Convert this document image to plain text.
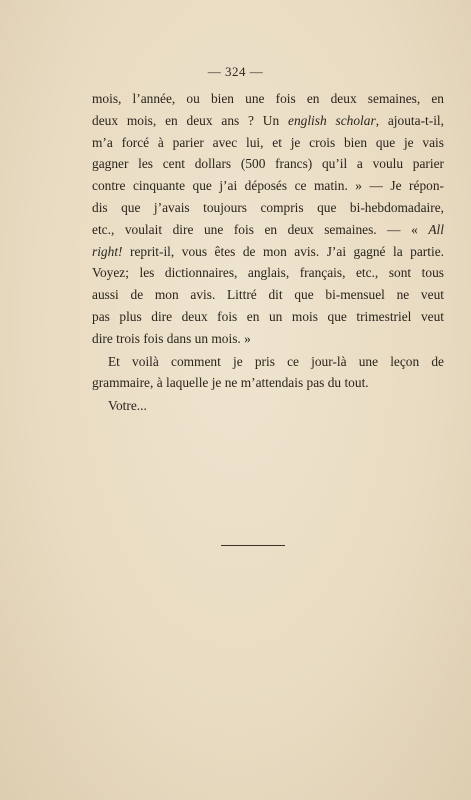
— 324 —
mois, l’année, ou bien une fois en deux semaines, en
deux mois, en deux ans ? Un english scholar, ajouta-t-il,
m’a forcé à parier avec lui, et je crois bien que je vais
gagner les cent dollars (500 francs) qu’il a voulu parier
contre cinquante que j’ai déposés ce matin. » — Je répon-
dis que j’avais toujours compris que bi-hebdomadaire,
etc., voulait dire une fois en deux semaines. — « All
right! reprit-il, vous êtes de mon avis. J’ai gagné la partie.
Voyez; les dictionnaires, anglais, français, etc., sont tous
aussi de mon avis. Littré dit que bi-mensuel ne veut
pas plus dire deux fois en un mois que trimestriel veut
dire trois fois dans un mois. »
Et voilà comment je pris ce jour-là une leçon de
grammaire, à laquelle je ne m’attendais pas du tout.
Votre...
